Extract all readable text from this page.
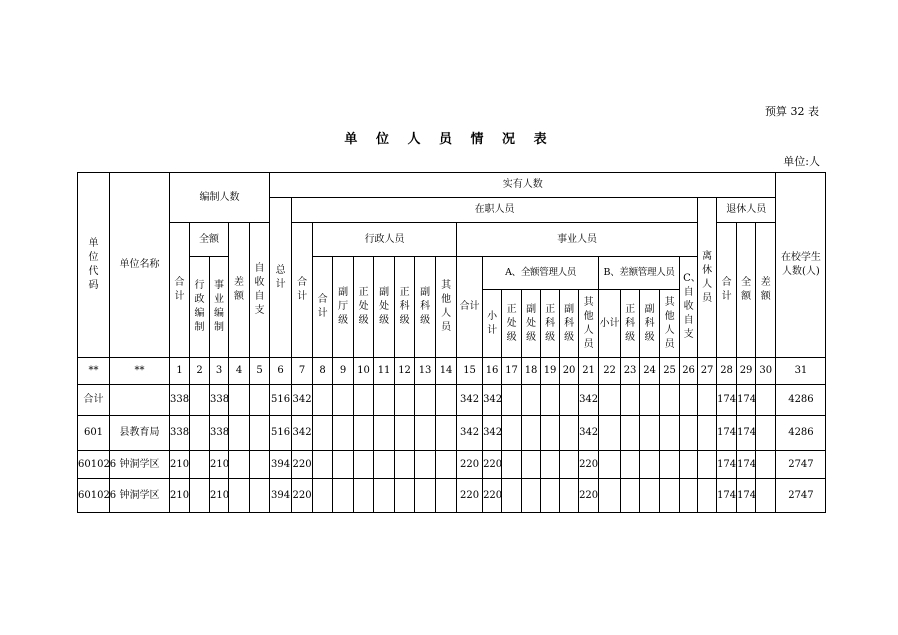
预算 32 表
单 位 人 员 情 况 表
单位:人
单位代码	单位名称	编制人数					实有人数																									在校学生人数(人)
							总计	在职人员																				离休人员	退休人员			
		合计	全额		差额	自收自支		合计	行政人员							事业人员													合计	全额	差额	
			行政编制	事业编制					合计	副厅级	正处级	副处级	正科级	副科级	其他人员	合计	A、全额管理人员						B、差额管理人员				C、自收自支					
																	小计	正处级	副处级	正科级	副科级	其他人员	小计	正科级	副科级	其他人员						
**	**	1	2	3	4	5	6	7	8	9	10	11	12	13	14	15	16	17	18	19	20	21	22	23	24	25	26	27	28	29	30	31
合计		338		338			516	342								342	342					342							174	174		4286
601	县教育局	338		338			516	342								342	342					342							174	174		4286
601026	钟洞学区	210		210			394	220								220	220					220							174	174		2747
601026	钟洞学区	210		210			394	220								220	220					220							174	174		2747
